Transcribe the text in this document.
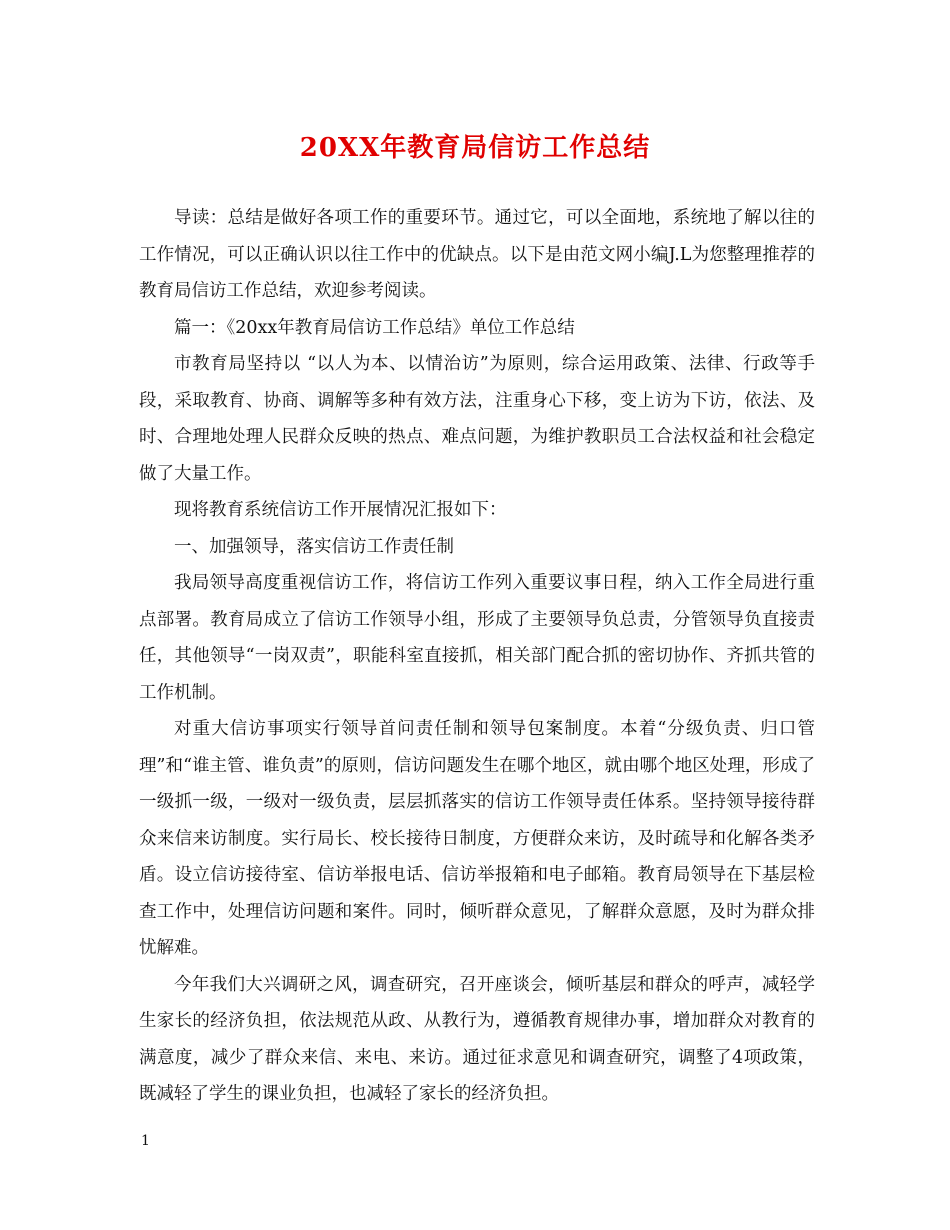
20XX年教育局信访工作总结

导读：总结是做好各项工作的重要环节。通过它，可以全面地，系统地了解以往的工作情况，可以正确认识以往工作中的优缺点。以下是由范文网小编J.L为您整理推荐的教育局信访工作总结，欢迎参考阅读。

篇一：《20xx年教育局信访工作总结》单位工作总结

市教育局坚持以 “以人为本、以情治访”为原则，综合运用政策、法律、行政等手段，采取教育、协商、调解等多种有效方法，注重身心下移，变上访为下访，依法、及时、合理地处理人民群众反映的热点、难点问题，为维护教职员工合法权益和社会稳定做了大量工作。

现将教育系统信访工作开展情况汇报如下：

一、加强领导，落实信访工作责任制

我局领导高度重视信访工作，将信访工作列入重要议事日程，纳入工作全局进行重点部署。教育局成立了信访工作领导小组，形成了主要领导负总责，分管领导负直接责任，其他领导“一岗双责”，职能科室直接抓，相关部门配合抓的密切协作、齐抓共管的工作机制。

对重大信访事项实行领导首问责任制和领导包案制度。本着“分级负责、归口管理”和“谁主管、谁负责”的原则，信访问题发生在哪个地区，就由哪个地区处理，形成了一级抓一级，一级对一级负责，层层抓落实的信访工作领导责任体系。坚持领导接待群众来信来访制度。实行局长、校长接待日制度，方便群众来访，及时疏导和化解各类矛盾。设立信访接待室、信访举报电话、信访举报箱和电子邮箱。教育局领导在下基层检查工作中，处理信访问题和案件。同时，倾听群众意见，了解群众意愿，及时为群众排忧解难。

今年我们大兴调研之风，调查研究，召开座谈会，倾听基层和群众的呼声，减轻学生家长的经济负担，依法规范从政、从教行为，遵循教育规律办事，增加群众对教育的满意度，减少了群众来信、来电、来访。通过征求意见和调查研究，调整了4项政策，既减轻了学生的课业负担，也减轻了家长的经济负担。

1
